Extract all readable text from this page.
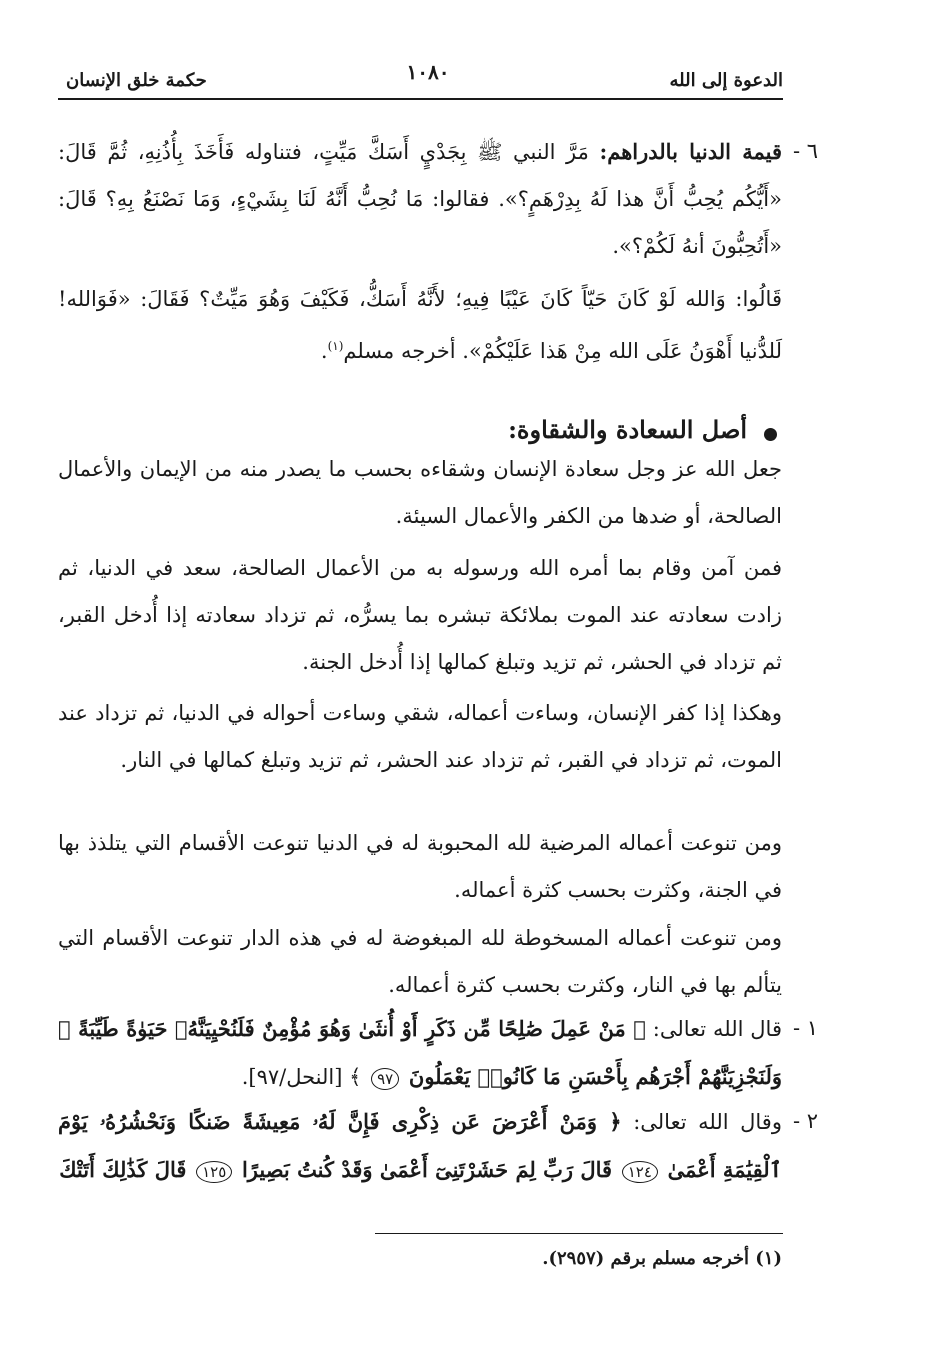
الدعوة إلى الله
١٠٨٠
حكمة خلق الإنسان
٦ -
قيمة الدنيا بالدراهم: مَرَّ النبي ﷺ بِجَدْيٍ أَسَكَّ مَيِّتٍ، فتناوله فَأَخَذَ بِأُذُنِهِ، ثُمَّ قَالَ: «أَيُّكُم يُحِبُّ أَنَّ هذا لَهُ بِدِرْهَمٍ؟». فقالوا: مَا نُحِبُّ أَنَّهُ لَنَا بِشَيْءٍ، وَمَا نَصْنَعُ بِهِ؟ قَالَ: «أَتُحِبُّونَ أنهُ لَكُمْ؟».
قَالُوا: وَالله لَوْ كَانَ حَيّاً كَانَ عَيْبًا فِيهِ؛ لأَنَّهُ أَسَكُّ، فَكَيْفَ وَهُوَ مَيِّتٌ؟ فَقَالَ: «فَوَالله! لَلدُّنيا أَهْوَنُ عَلَى الله مِنْ هَذا عَلَيْكُمْ». أخرجه مسلم$^{(١)}$.
أصل السعادة والشقاوة:
جعل الله عز وجل سعادة الإنسان وشقاءه بحسب ما يصدر منه من الإيمان والأعمال الصالحة، أو ضدها من الكفر والأعمال السيئة.
فمن آمن وقام بما أمره الله ورسوله به من الأعمال الصالحة، سعد في الدنيا، ثم زادت سعادته عند الموت بملائكة تبشره بما يسرُّه، ثم تزداد سعادته إذا أُدخل القبر، ثم تزداد في الحشر، ثم تزيد وتبلغ كمالها إذا أُدخل الجنة.
وهكذا إذا كفر الإنسان، وساءت أعماله، شقي وساءت أحواله في الدنيا، ثم تزداد عند الموت، ثم تزداد في القبر، ثم تزداد عند الحشر، ثم تزيد وتبلغ كمالها في النار.
ومن تنوعت أعماله المرضية لله المحبوبة له في الدنيا تنوعت الأقسام التي يتلذذ بها في الجنة، وكثرت بحسب كثرة أعماله.
ومن تنوعت أعماله المسخوطة لله المبغوضة له في هذه الدار تنوعت الأقسام التي يتألم بها في النار، وكثرت بحسب كثرة أعماله.
١ -
قال الله تعالى: ﴿ مَنْ عَمِلَ صَٰلِحًا مِّن ذَكَرٍ أَوْ أُنثَىٰ وَهُوَ مُؤْمِنٌ فَلَنُحْيِيَنَّهُۥ حَيَوٰةً طَيِّبَةً ۖ وَلَنَجْزِيَنَّهُمْ أَجْرَهُم بِأَحْسَنِ مَا كَانُوا۟ يَعْمَلُونَ ٩٧ ﴾ [النحل/٩٧].
٢ -
وقال الله تعالى: ﴿ وَمَنْ أَعْرَضَ عَن ذِكْرِى فَإِنَّ لَهُۥ مَعِيشَةً ضَنكًا وَنَحْشُرُهُۥ يَوْمَ ٱلْقِيَٰمَةِ أَعْمَىٰ ١٢٤ قَالَ رَبِّ لِمَ حَشَرْتَنِىٓ أَعْمَىٰ وَقَدْ كُنتُ بَصِيرًا ١٢٥ قَالَ كَذَٰلِكَ أَتَتْكَ
(١) أخرجه مسلم برقم (٢٩٥٧).
